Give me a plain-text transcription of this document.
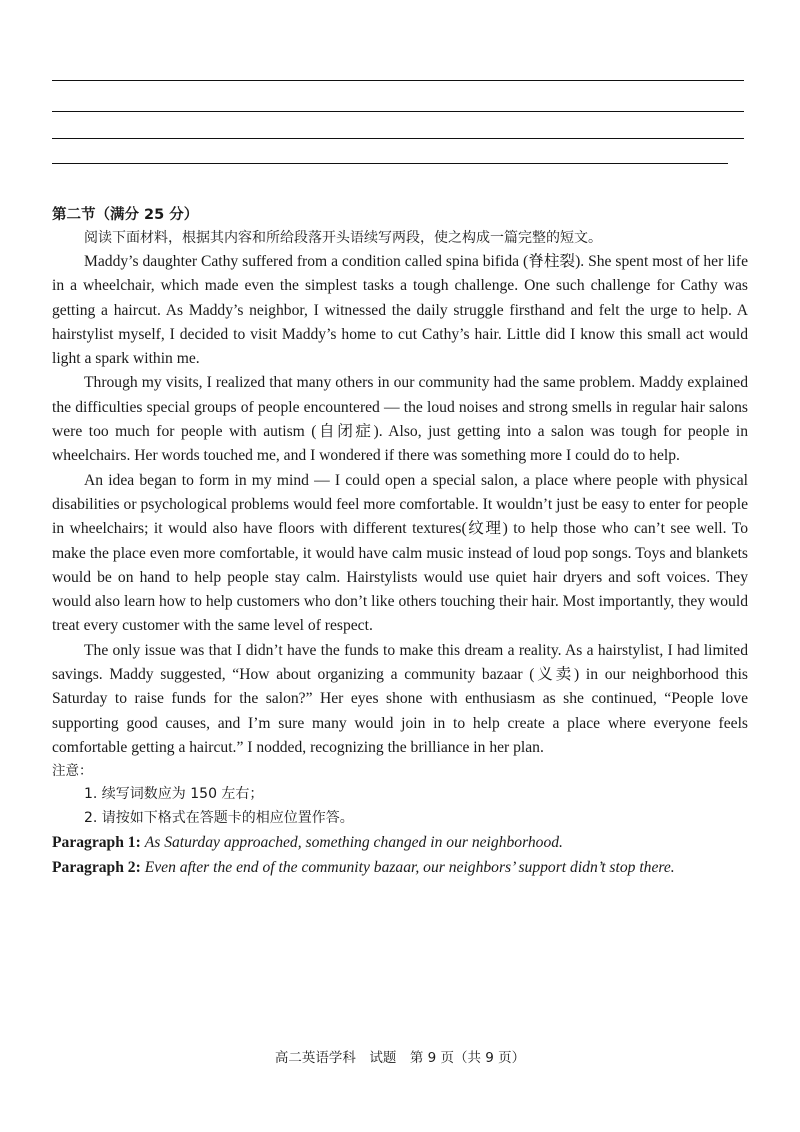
第二节（满分 25 分）

阅读下面材料，根据其内容和所给段落开头语续写两段，使之构成一篇完整的短文。

Maddy’s daughter Cathy suffered from a condition called spina bifida (脊柱裂). She spent most of her life in a wheelchair, which made even the simplest tasks a tough challenge. One such challenge for Cathy was getting a haircut. As Maddy’s neighbor, I witnessed the daily struggle firsthand and felt the urge to help. A hairstylist myself, I decided to visit Maddy’s home to cut Cathy’s hair. Little did I know this small act would light a spark within me.

Through my visits, I realized that many others in our community had the same problem. Maddy explained the difficulties special groups of people encountered — the loud noises and strong smells in regular hair salons were too much for people with autism (自闭症). Also, just getting into a salon was tough for people in wheelchairs. Her words touched me, and I wondered if there was something more I could do to help.

An idea began to form in my mind — I could open a special salon, a place where people with physical disabilities or psychological problems would feel more comfortable. It wouldn’t just be easy to enter for people in wheelchairs; it would also have floors with different textures(纹理) to help those who can’t see well. To make the place even more comfortable, it would have calm music instead of loud pop songs. Toys and blankets would be on hand to help people stay calm. Hairstylists would use quiet hair dryers and soft voices. They would also learn how to help customers who don’t like others touching their hair. Most importantly, they would treat every customer with the same level of respect.

The only issue was that I didn’t have the funds to make this dream a reality. As a hairstylist, I had limited savings. Maddy suggested, “How about organizing a community bazaar (义卖) in our neighborhood this Saturday to raise funds for the salon?” Her eyes shone with enthusiasm as she continued, “People love supporting good causes, and I’m sure many would join in to help create a place where everyone feels comfortable getting a haircut.” I nodded, recognizing the brilliance in her plan.

注意：

1. 续写词数应为 150 左右；

2. 请按如下格式在答题卡的相应位置作答。

Paragraph 1: As Saturday approached, something changed in our neighborhood.

Paragraph 2: Even after the end of the community bazaar, our neighbors’ support didn’t stop there.

高二英语学科　试题　第 9 页（共 9 页）
